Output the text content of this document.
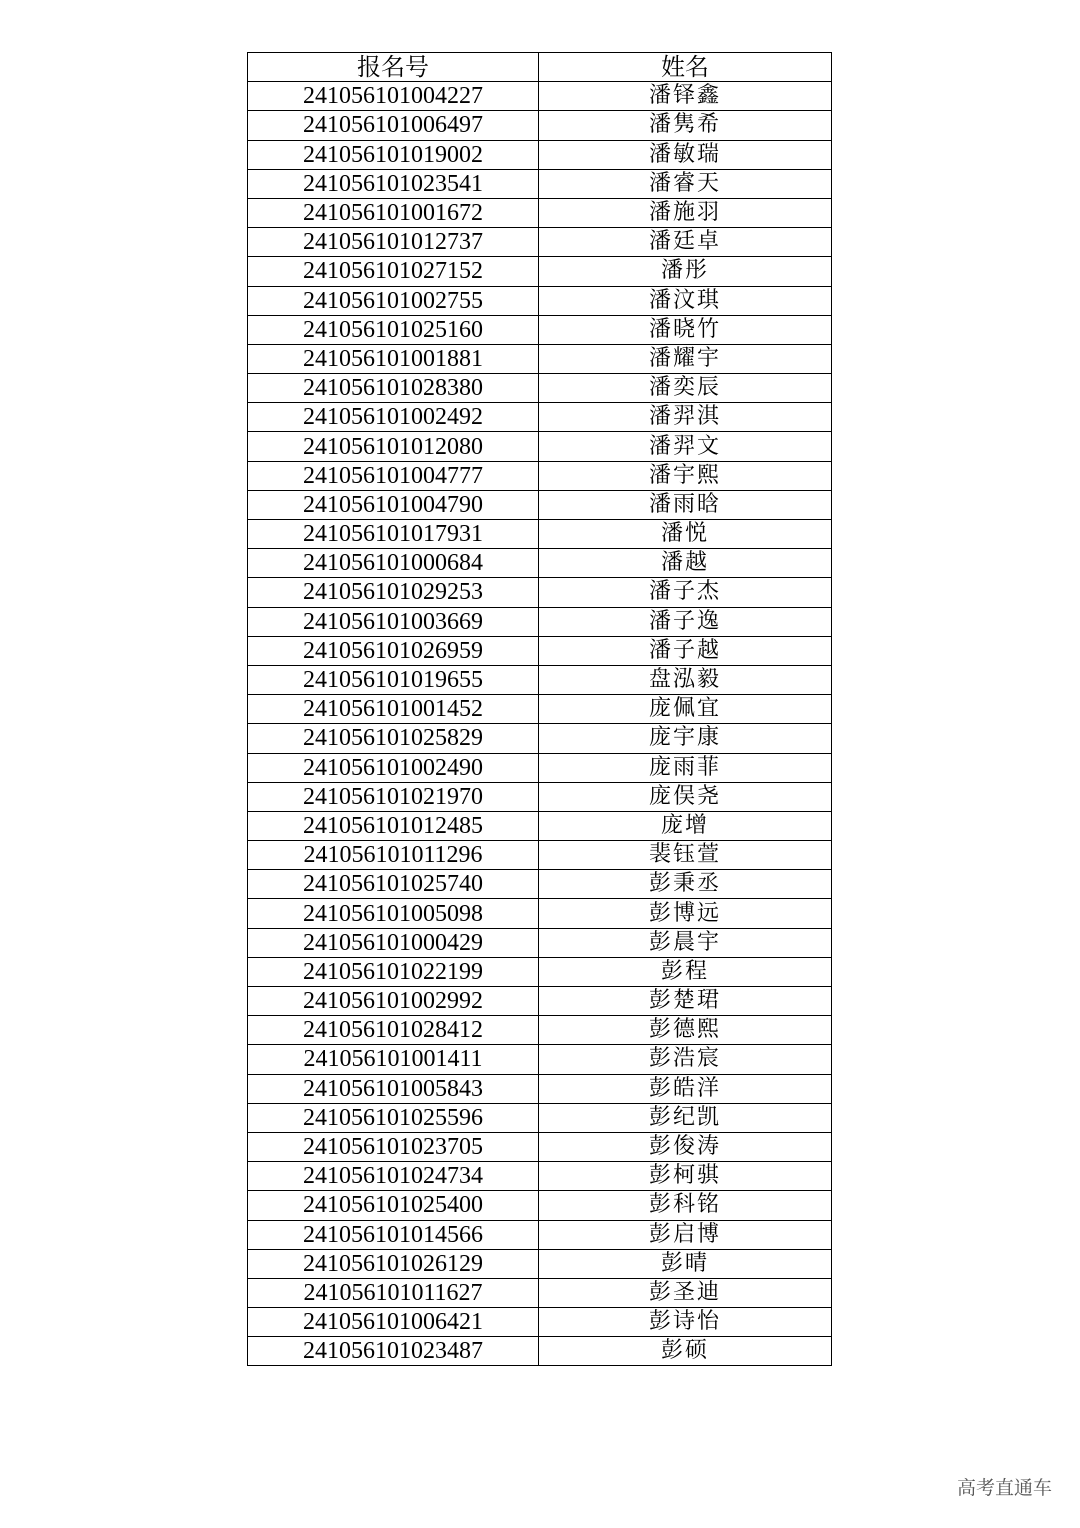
报名号	姓名
241056101004227	潘铎鑫
241056101006497	潘隽希
241056101019002	潘敏瑞
241056101023541	潘睿天
241056101001672	潘施羽
241056101012737	潘廷卓
241056101027152	潘彤
241056101002755	潘汶琪
241056101025160	潘晓竹
241056101001881	潘耀宇
241056101028380	潘奕辰
241056101002492	潘羿淇
241056101012080	潘羿文
241056101004777	潘宇熙
241056101004790	潘雨晗
241056101017931	潘悦
241056101000684	潘越
241056101029253	潘子杰
241056101003669	潘子逸
241056101026959	潘子越
241056101019655	盘泓毅
241056101001452	庞佩宜
241056101025829	庞宇康
241056101002490	庞雨菲
241056101021970	庞俣尧
241056101012485	庞增
241056101011296	裴钰萱
241056101025740	彭秉丞
241056101005098	彭博远
241056101000429	彭晨宇
241056101022199	彭程
241056101002992	彭楚珺
241056101028412	彭德熙
241056101001411	彭浩宸
241056101005843	彭皓洋
241056101025596	彭纪凯
241056101023705	彭俊涛
241056101024734	彭柯骐
241056101025400	彭科铭
241056101014566	彭启博
241056101026129	彭晴
241056101011627	彭圣迪
241056101006421	彭诗怡
241056101023487	彭硕
高考直通车
